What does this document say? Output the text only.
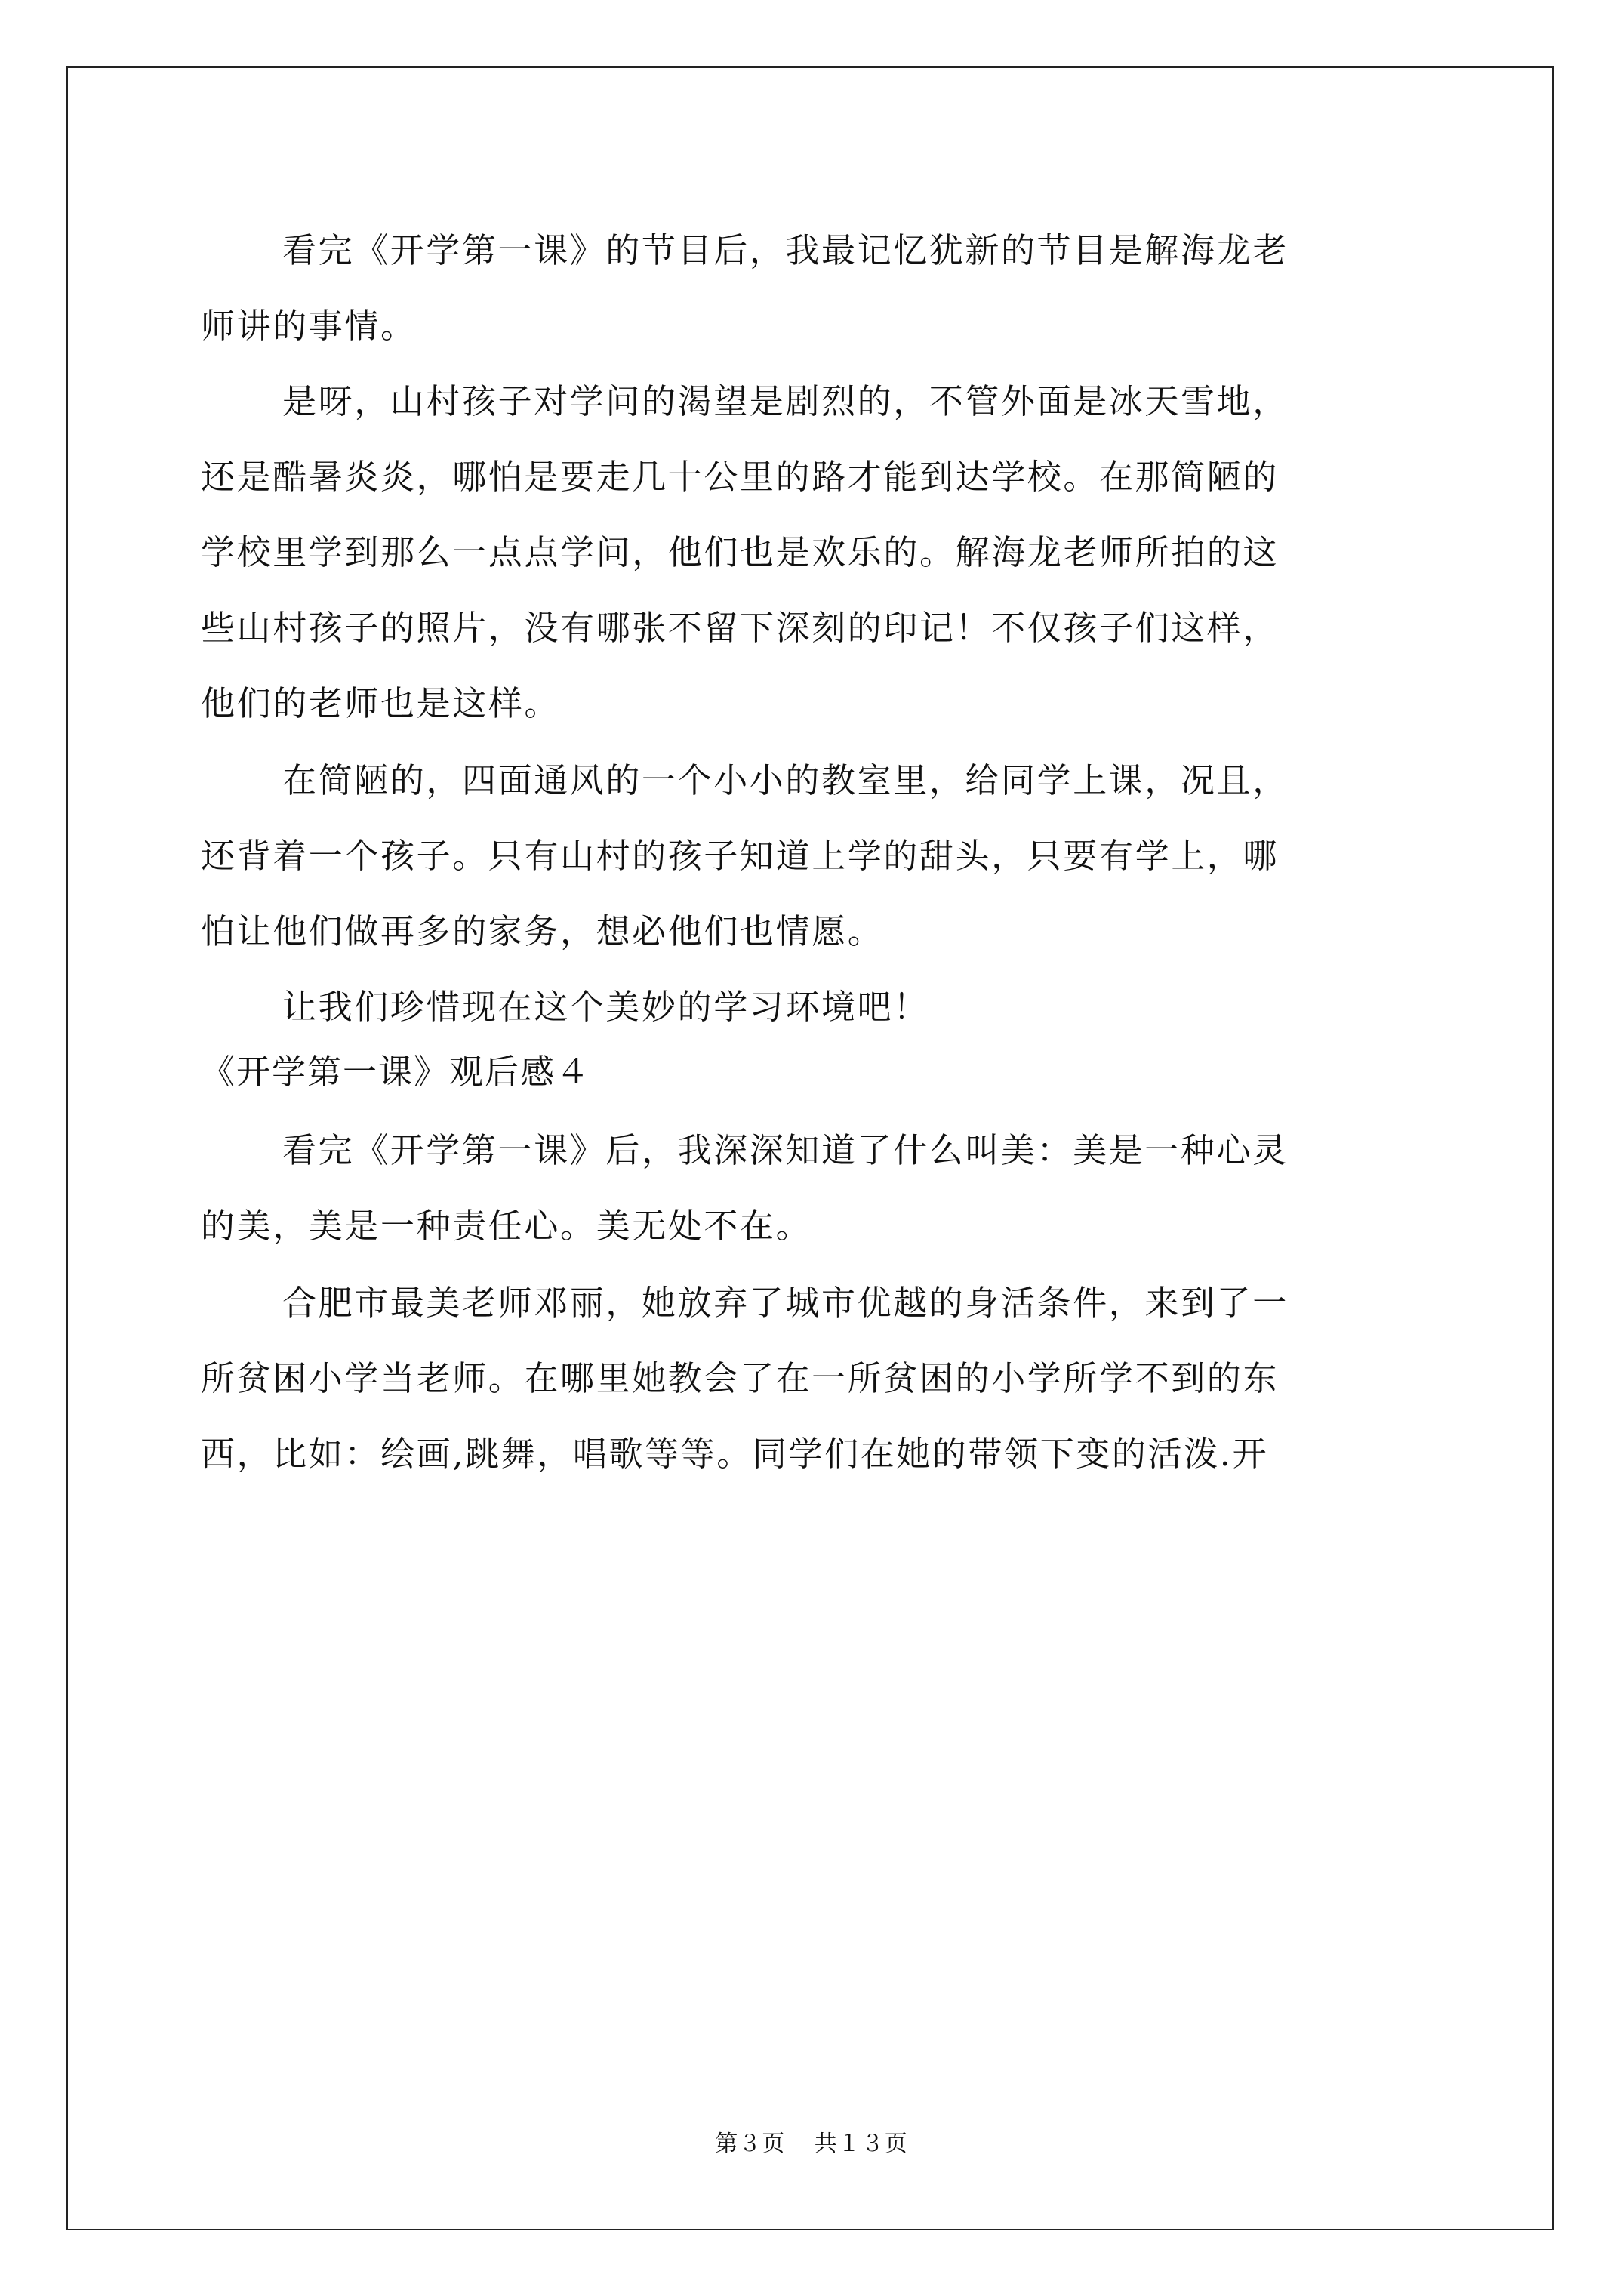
看完《开学第一课》的节目后，我最记忆犹新的节目是解海龙老
师讲的事情。
是呀，山村孩子对学问的渴望是剧烈的，不管外面是冰天雪地，
还是酷暑炎炎，哪怕是要走几十公里的路才能到达学校。在那简陋的
学校里学到那么一点点学问，他们也是欢乐的。解海龙老师所拍的这
些山村孩子的照片，没有哪张不留下深刻的印记！不仅孩子们这样，
他们的老师也是这样。
在简陋的，四面通风的一个小小的教室里，给同学上课，况且，
还背着一个孩子。只有山村的孩子知道上学的甜头，只要有学上，哪
怕让他们做再多的家务，想必他们也情愿。
让我们珍惜现在这个美妙的学习环境吧！
《开学第一课》观后感４
看完《开学第一课》后，我深深知道了什么叫美：美是一种心灵
的美，美是一种责任心。美无处不在。
合肥市最美老师邓丽，她放弃了城市优越的身活条件，来到了一
所贫困小学当老师。在哪里她教会了在一所贫困的小学所学不到的东
西，比如：绘画,跳舞，唱歌等等。同学们在她的带领下变的活泼.开
第３页 共１３页
